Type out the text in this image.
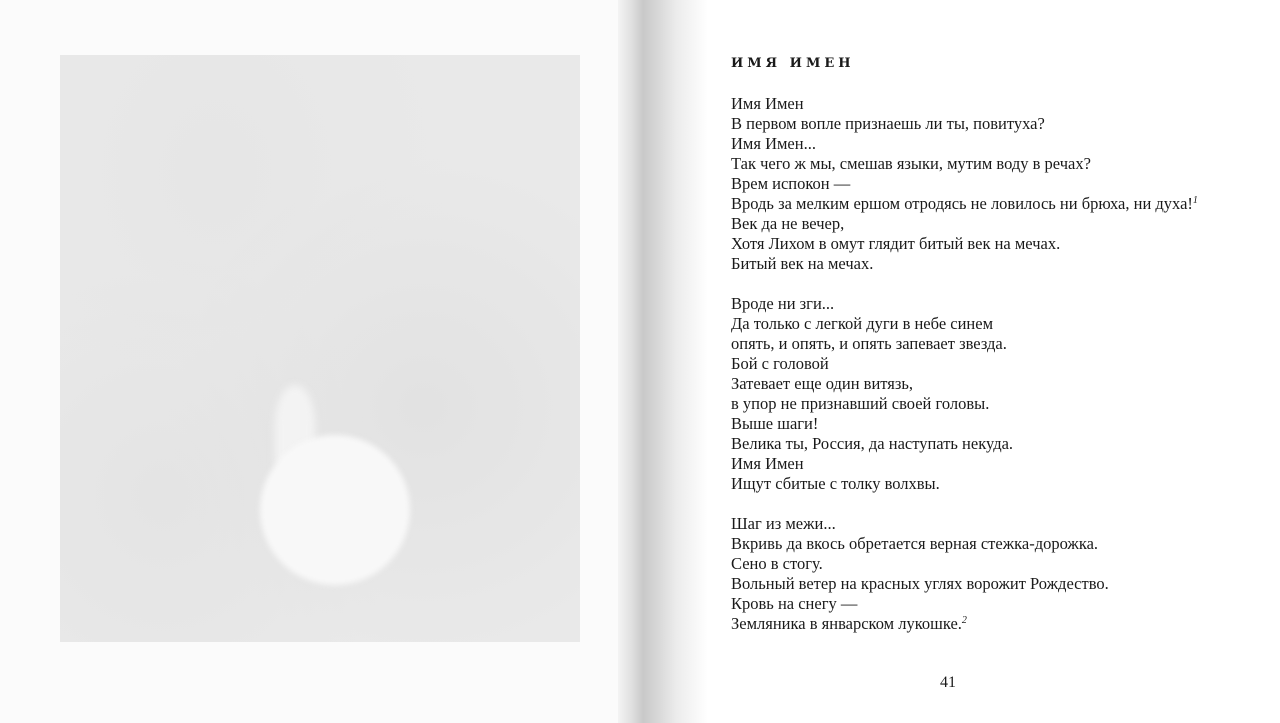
ИМЯ ИМЕН
Имя Имен
В первом вопле признаешь ли ты, повитуха?
Имя Имен...
Так чего ж мы, смешав языки, мутим воду в речах?
Врем испокон —
Вродь за мелким ершом отродясь не ловилось ни брюха, ни духа!$^1$
Век да не вечер,
Хотя Лихом в омут глядит битый век на мечах.
Битый век на мечах.
Вроде ни зги...
Да только с легкой дуги в небе синем
опять, и опять, и опять запевает звезда.
Бой с головой
Затевает еще один витязь,
в упор не признавший своей головы.
Выше шаги!
Велика ты, Россия, да наступать некуда.
Имя Имен
Ищут сбитые с толку волхвы.
Шаг из межи...
Вкривь да вкось обретается верная стежка-дорожка.
Сено в стогу.
Вольный ветер на красных углях ворожит Рождество.
Кровь на снегу —
Земляника в январском лукошке.$^2$
41
